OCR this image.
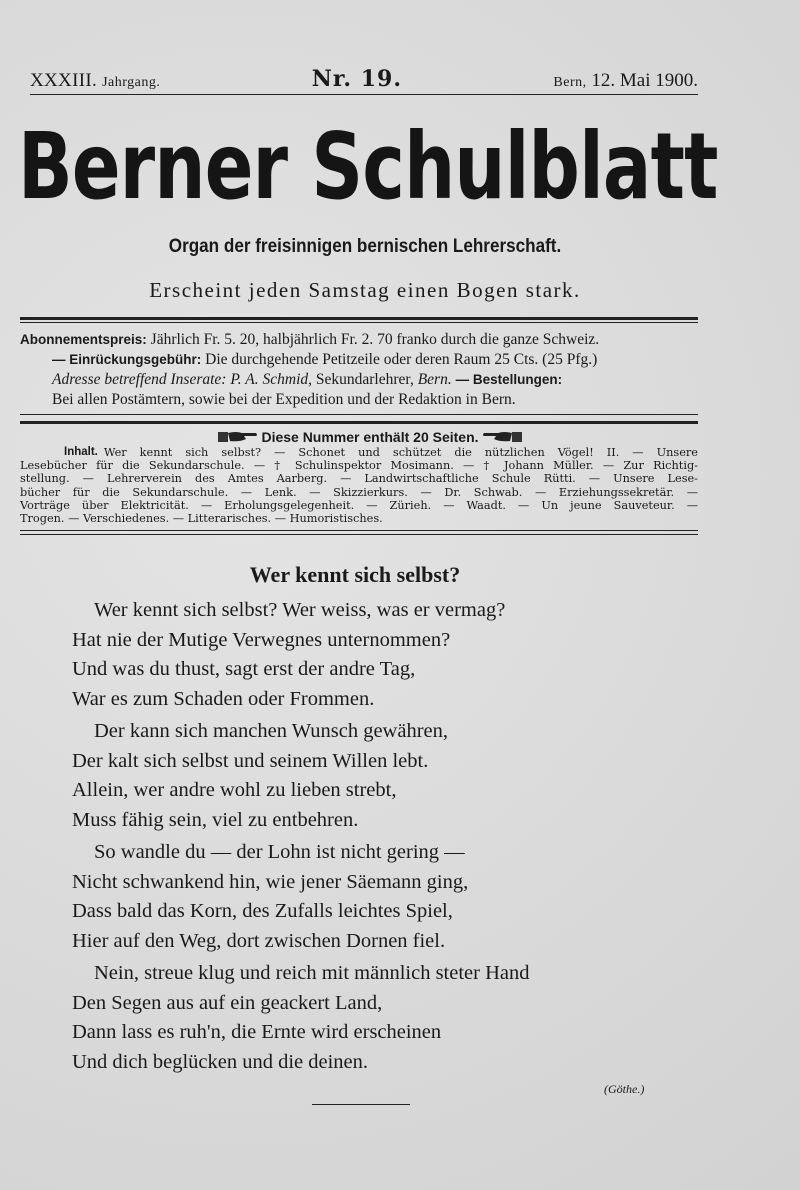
XXXIII. Jahrgang.	Nr. 19.	Bern, 12. Mai 1900.
Berner Schulblatt
Organ der freisinnigen bernischen Lehrerschaft.
Erscheint jeden Samstag einen Bogen stark.
Abonnementspreis: Jährlich Fr. 5. 20, halbjährlich Fr. 2. 70 franko durch die ganze Schweiz.
— Einrückungsgebühr: Die durchgehende Petitzeile oder deren Raum 25 Cts. (25 Pfg.)
Adresse betreffend Inserate: P. A. Schmid, Sekundarlehrer, Bern. — Bestellungen:
Bei allen Postämtern, sowie bei der Expedition und der Redaktion in Bern.
Diese Nummer enthält 20 Seiten.
Inhalt. Wer kennt sich selbst? — Schonet und schützet die nützlichen Vögel! II. — Unsere
Lesebücher für die Sekundarschule. — † Schulinspektor Mosimann. — † Johann Müller. — Zur Richtig-
stellung. — Lehrerverein des Amtes Aarberg. — Landwirtschaftliche Schule Rütti. — Unsere Lese-
bücher für die Sekundarschule. — Lenk. — Skizzierkurs. — Dr. Schwab. — Erziehungssekretär. —
Vorträge über Elektricität. — Erholungsgelegenheit. — Zürieh. — Waadt. — Un jeune Sauveteur. —
Trogen. — Verschiedenes. — Litterarisches. — Humoristisches.
Wer kennt sich selbst?
Wer kennt sich selbst? Wer weiss, was er vermag?
Hat nie der Mutige Verwegnes unternommen?
Und was du thust, sagt erst der andre Tag,
War es zum Schaden oder Frommen.
Der kann sich manchen Wunsch gewähren,
Der kalt sich selbst und seinem Willen lebt.
Allein, wer andre wohl zu lieben strebt,
Muss fähig sein, viel zu entbehren.
So wandle du — der Lohn ist nicht gering —
Nicht schwankend hin, wie jener Säemann ging,
Dass bald das Korn, des Zufalls leichtes Spiel,
Hier auf den Weg, dort zwischen Dornen fiel.
Nein, streue klug und reich mit männlich steter Hand
Den Segen aus auf ein geackert Land,
Dann lass es ruh'n, die Ernte wird erscheinen
Und dich beglücken und die deinen.
(Göthe.)
